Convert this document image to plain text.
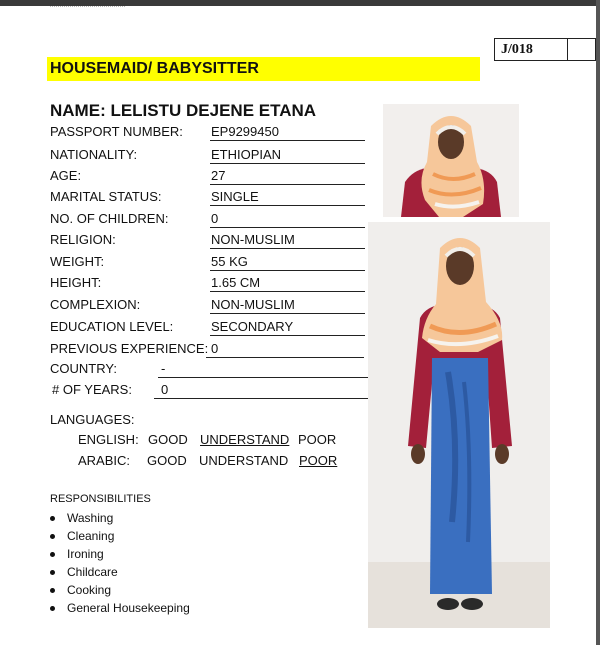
J/018
HOUSEMAID/ BABYSITTER
NAME: LELISTU DEJENE ETANA
PASSPORT NUMBER: EP9299450
NATIONALITY:	ETHIOPIAN
AGE:	27
MARITAL STATUS:	SINGLE
NO. OF CHILDREN:	0
RELIGION:	NON-MUSLIM
WEIGHT:	55 KG
HEIGHT:	1.65 CM
COMPLEXION:	NON-MUSLIM
EDUCATION LEVEL:	SECONDARY
PREVIOUS EXPERIENCE: 0
COUNTRY:	-
# OF YEARS:	0
LANGUAGES:
ENGLISH: GOOD UNDERSTAND POOR
ARABIC: GOOD UNDERSTAND POOR
RESPONSIBILITIES
Washing
Cleaning
Ironing
Childcare
Cooking
General Housekeeping
